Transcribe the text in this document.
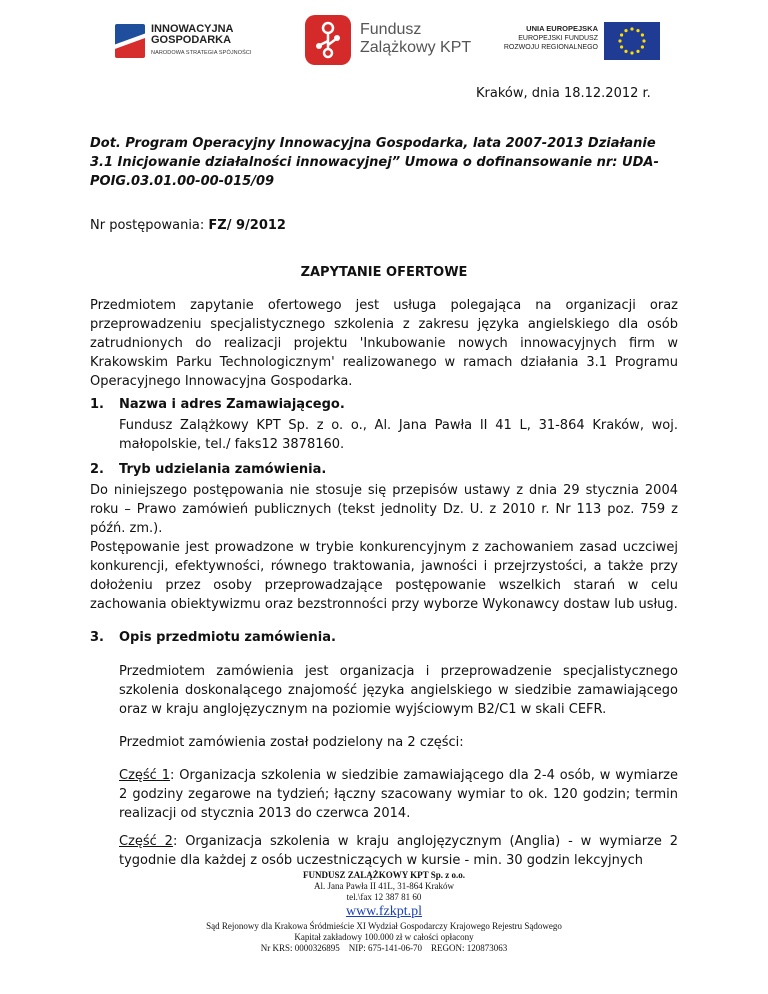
INNOWACYJNA
GOSPODARKA
NARODOWA STRATEGIA SPÓJNOŚCI
Fundusz
Zalążkowy KPT
UNIA EUROPEJSKA
EUROPEJSKI FUNDUSZ
ROZWOJU REGIONALNEGO
Kraków, dnia 18.12.2012 r.
Dot. Program Operacyjny Innowacyjna Gospodarka, lata 2007-2013 Działanie 3.1 Inicjowanie działalności innowacyjnej” Umowa o dofinansowanie nr: UDA-POIG.03.01.00-00-015/09
Nr postępowania: FZ/ 9/2012
ZAPYTANIE OFERTOWE
Przedmiotem zapytanie ofertowego jest usługa polegająca na organizacji oraz przeprowadzeniu specjalistycznego szkolenia z zakresu języka angielskiego dla osób zatrudnionych do realizacji projektu 'Inkubowanie nowych innowacyjnych firm w Krakowskim Parku Technologicznym' realizowanego w ramach działania 3.1 Programu Operacyjnego Innowacyjna Gospodarka.
1. Nazwa i adres Zamawiającego.
Fundusz Zalążkowy KPT Sp. z o. o., Al. Jana Pawła II 41 L, 31-864 Kraków, woj. małopolskie, tel./ faks12 3878160.
2. Tryb udzielania zamówienia.
Do niniejszego postępowania nie stosuje się przepisów ustawy z dnia 29 stycznia 2004 roku – Prawo zamówień publicznych (tekst jednolity Dz. U. z 2010 r. Nr 113 poz. 759 z późń. zm.).
Postępowanie jest prowadzone w trybie konkurencyjnym z zachowaniem zasad uczciwej konkurencji, efektywności, równego traktowania, jawności i przejrzystości, a także przy dołożeniu przez osoby przeprowadzające postępowanie wszelkich starań w celu zachowania obiektywizmu oraz bezstronności przy wyborze Wykonawcy dostaw lub usług.
3. Opis przedmiotu zamówienia.
Przedmiotem zamówienia jest organizacja i przeprowadzenie specjalistycznego szkolenia doskonalącego znajomość języka angielskiego w siedzibie zamawiającego oraz w kraju anglojęzycznym na poziomie wyjściowym B2/C1 w skali CEFR.
Przedmiot zamówienia został podzielony na 2 części:
Część 1: Organizacja szkolenia w siedzibie zamawiającego dla 2-4 osób, w wymiarze 2 godziny zegarowe na tydzień; łączny szacowany wymiar to ok. 120 godzin; termin realizacji od stycznia 2013 do czerwca 2014.
Część 2: Organizacja szkolenia w kraju anglojęzycznym (Anglia) - w wymiarze 2 tygodnie dla każdej z osób uczestniczących w kursie - min. 30 godzin lekcyjnych
FUNDUSZ ZALĄŻKOWY KPT Sp. z o.o.
Al. Jana Pawła II 41L, 31-864 Kraków
tel.\fax 12 387 81 60
www.fzkpt.pl
Sąd Rejonowy dla Krakowa Śródmieście XI Wydział Gospodarczy Krajowego Rejestru Sądowego
Kapitał zakładowy 100.000 zł w całości opłacony
Nr KRS: 0000326895    NIP: 675-141-06-70    REGON: 120873063
